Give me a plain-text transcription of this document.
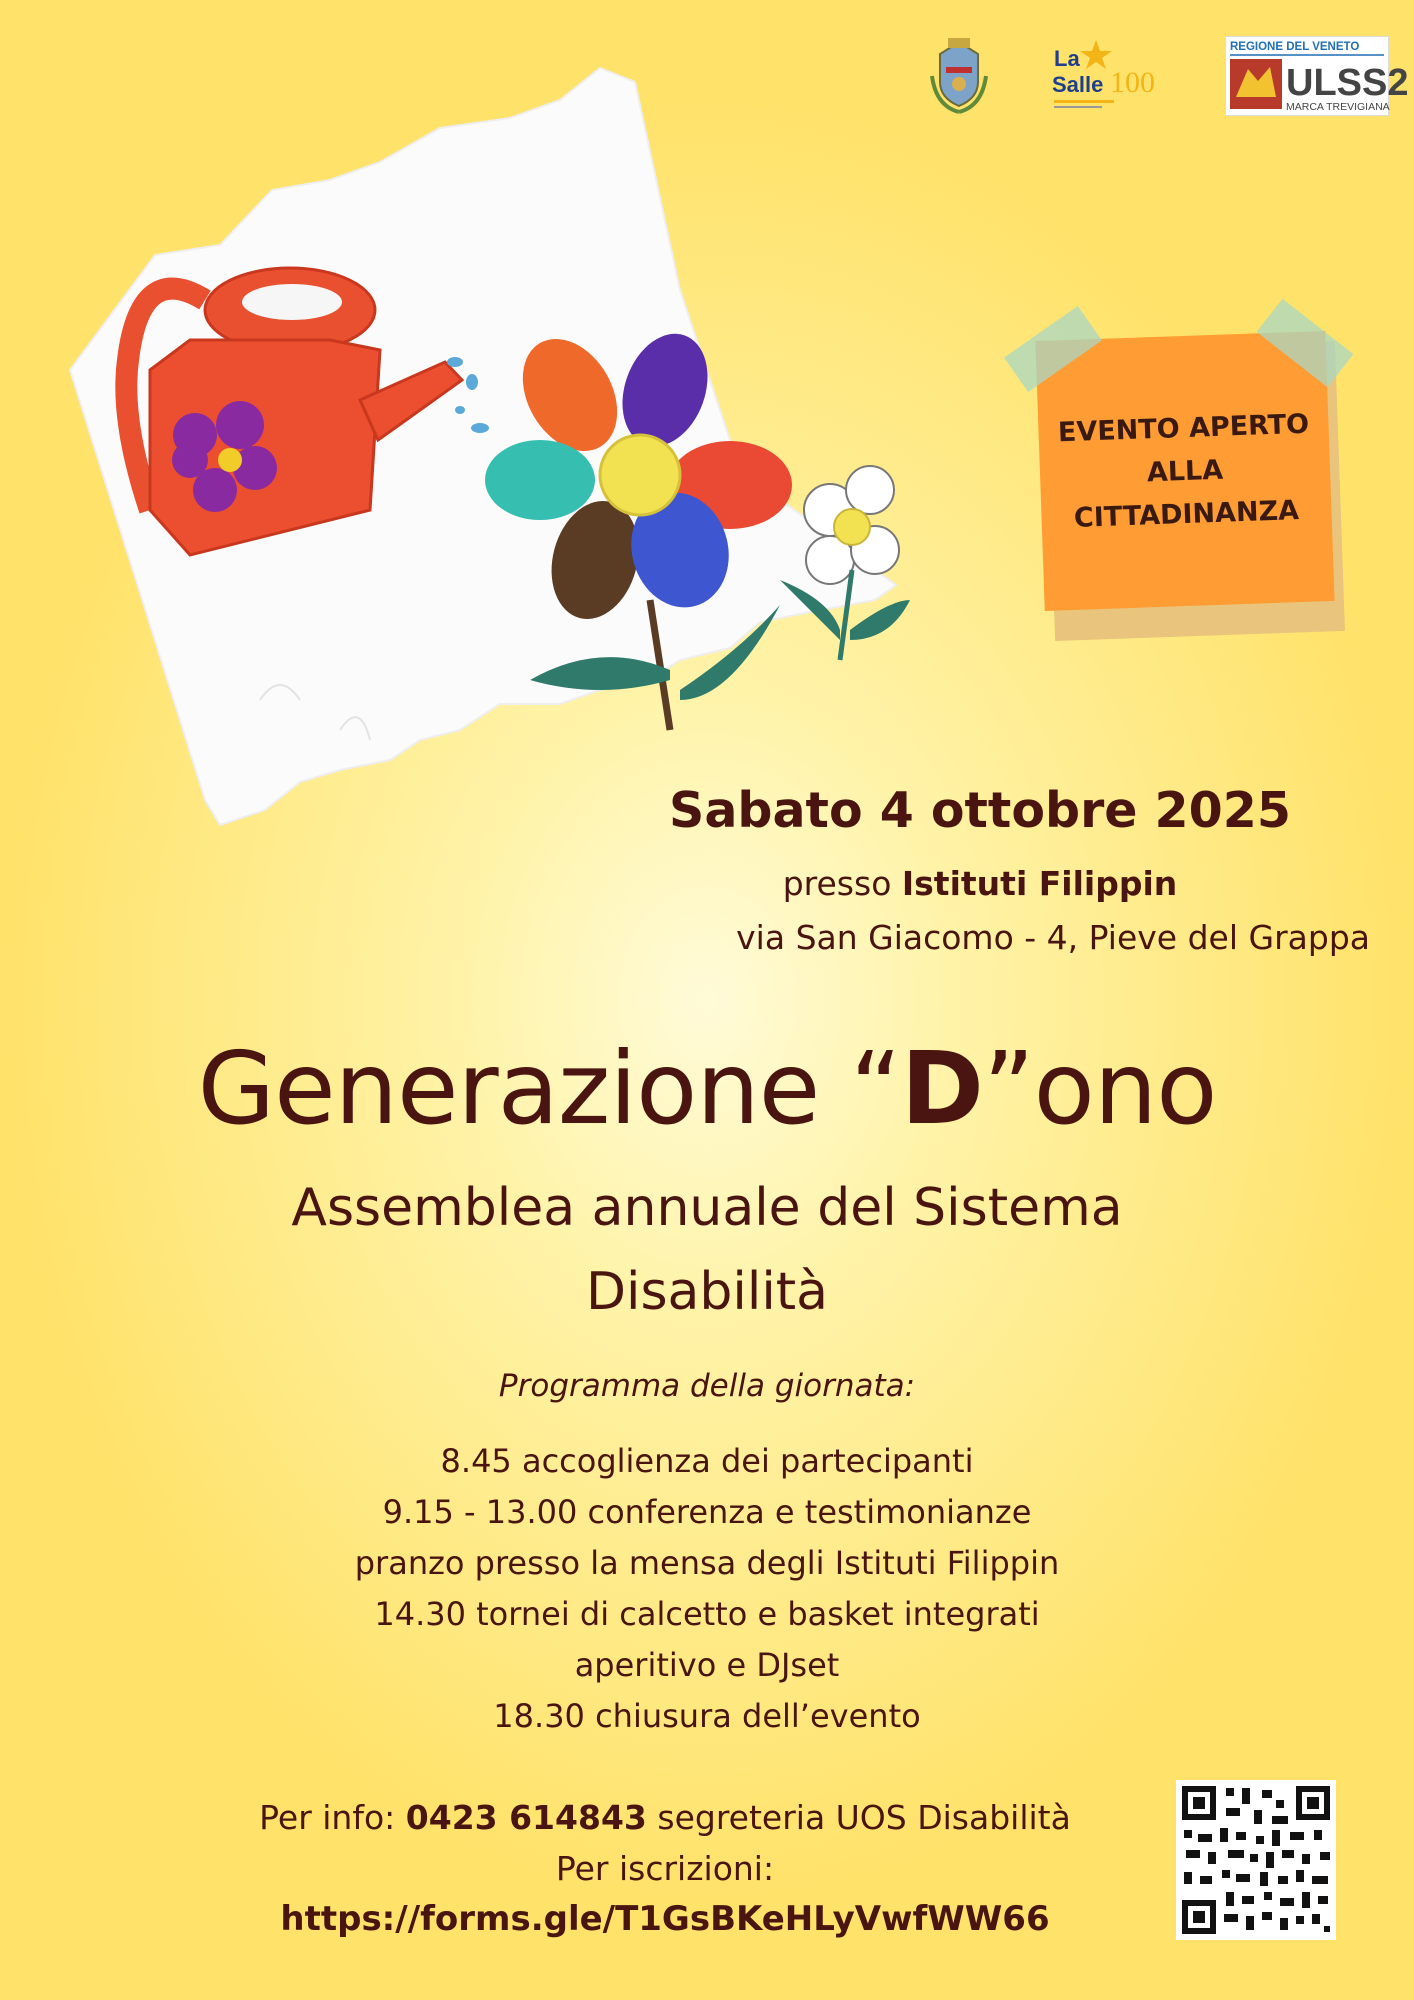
La
Salle 100
REGIONE DEL VENETO
ULSS2
MARCA TREVIGIANA
EVENTO APERTO ALLA CITTADINANZA
Sabato 4 ottobre 2025
presso Istituti Filippin
via San Giacomo - 4, Pieve del Grappa
Generazione “D”ono
Assemblea annuale del Sistema
Disabilità
Programma della giornata:
8.45 accoglienza dei partecipanti
9.15 - 13.00 conferenza e testimonianze
pranzo presso la mensa degli Istituti Filippin
14.30 tornei di calcetto e basket integrati
aperitivo e DJset
18.30 chiusura dell’evento
Per info: 0423 614843 segreteria UOS Disabilità
Per iscrizioni:
https://forms.gle/T1GsBKeHLyVwfWW66
